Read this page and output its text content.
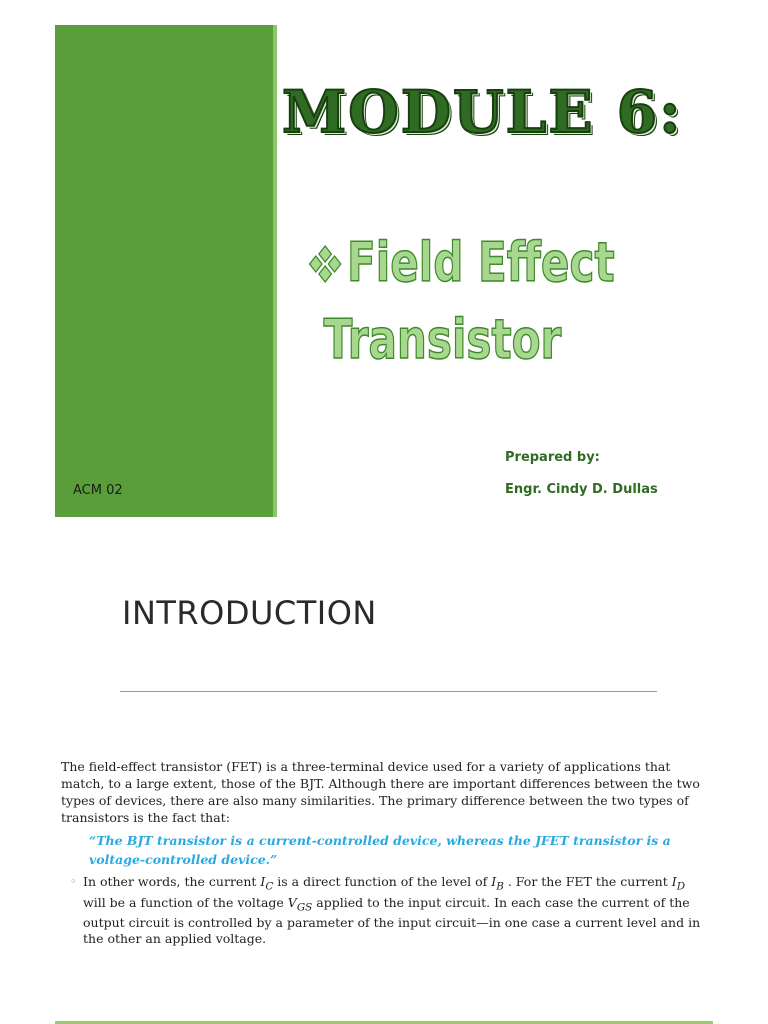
ACM 02
MODULE 6:
Field Effect
Transistor
Prepared by:
Engr. Cindy D. Dullas
INTRODUCTION
The field-effect transistor (FET) is a three-terminal device used for a variety of applications that match, to a large extent, those of the BJT. Although there are important differences between the two types of devices, there are also many similarities. The primary difference between the two types of transistors is the fact that:
“The BJT transistor is a current-controlled device, whereas the JFET transistor is a voltage-controlled device.”
◦ In other words, the current $I_C$ is a direct function of the level of $I_B$ . For the FET the current $I_D$ will be a function of the voltage $V_{GS}$ applied to the input circuit. In each case the current of the output circuit is controlled by a parameter of the input circuit—in one case a current level and in the other an applied voltage.
